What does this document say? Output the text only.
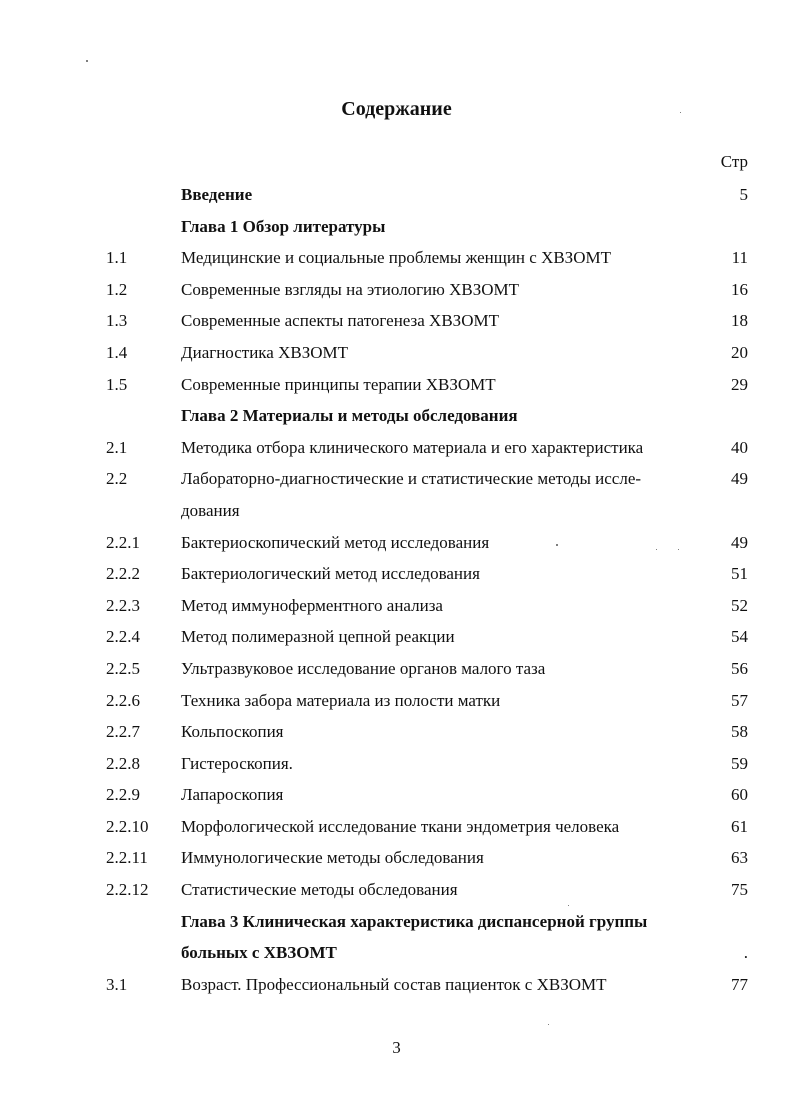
Содержание
Стр
Введение	5
Глава 1 Обзор литературы
1.1	Медицинские и социальные проблемы женщин с ХВЗОМТ	11
1.2	Современные взгляды на этиологию ХВЗОМТ	16
1.3	Современные аспекты патогенеза ХВЗОМТ	18
1.4	Диагностика ХВЗОМТ	20
1.5	Современные принципы терапии ХВЗОМТ	29
Глава 2 Материалы и методы обследования
2.1	Методика отбора клинического материала и его характеристика	40
2.2	Лабораторно-диагностические и статистические методы иссле-	49
дования
2.2.1 Бактериоскопический метод исследования	49
2.2.2 Бактериологический метод исследования	51
2.2.3 Метод иммуноферментного анализа	52
2.2.4 Метод полимеразной цепной реакции	54
2.2.5 Ультразвуковое исследование органов малого таза	56
2.2.6 Техника забора материала из полости матки	57
2.2.7 Кольпоскопия	58
2.2.8 Гистероскопия.	59
2.2.9 Лапароскопия	60
2.2.10 Морфологической исследование ткани эндометрия человека	61
2.2.11 Иммунологические методы обследования	63
2.2.12 Статистические методы обследования	75
Глава 3 Клиническая характеристика диспансерной группы
больных с ХВЗОМТ	.
3.1	Возраст. Профессиональный состав пациенток с ХВЗОМТ	77
3
